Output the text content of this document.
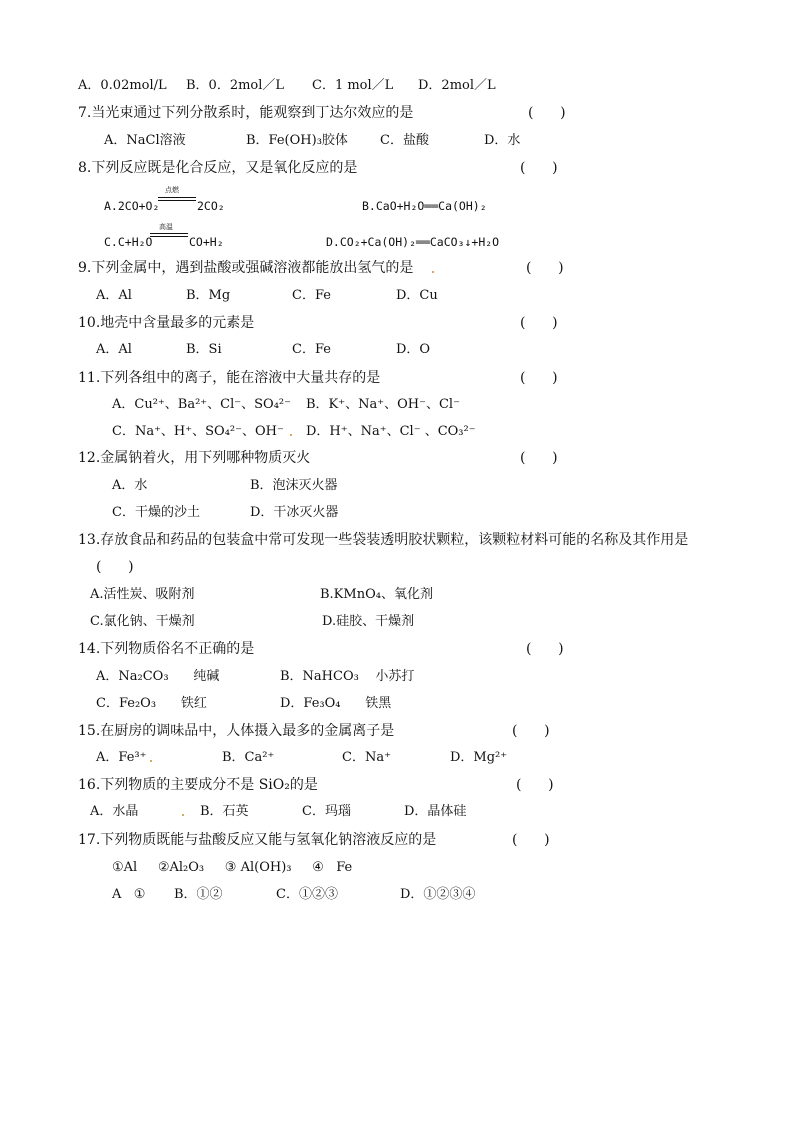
A．0.02mol/L B．0．2mol／L C．1 mol／L D．2mol／L
7.当光束通过下列分散系时，能观察到丁达尔效应的是	(      )
A．NaCl溶液	B．Fe(OH)₃胶体 C．盐酸	D．水
8.下列反应既是化合反应，又是氧化反应的是	(      )
A.2CO+O₂
点燃
2CO₂	B.CaO+H₂O══Ca(OH)₂
C.C+H₂O
高温
CO+H₂	D.CO₂+Ca(OH)₂══CaCO₃↓+H₂O
9.下列金属中，遇到盐酸或强碱溶液都能放出氢气的是	(      )
A．Al	B．Mg	C．Fe	D．Cu
10.地壳中含量最多的元素是	(      )
A．Al	B．Si	C．Fe	D．O
11.下列各组中的离子，能在溶液中大量共存的是	(      )
A．Cu²⁺、Ba²⁺、Cl⁻、SO₄²⁻ B．K⁺、Na⁺、OH⁻、Cl⁻
C．Na⁺、H⁺、SO₄²⁻、OH⁻ D．H⁺、Na⁺、Cl⁻ 、CO₃²⁻
12.金属钠着火，用下列哪种物质灭火	(      )
A．水	B．泡沫灭火器
C．干燥的沙土	D．干冰灭火器
13.存放食品和药品的包装盒中常可发现一些袋装透明胶状颗粒，该颗粒材料可能的名称及其作用是
(      )
A.活性炭、吸附剂	B.KMnO₄、氧化剂
C.氯化钠、干燥剂	D.硅胶、干燥剂
14.下列物质俗名不正确的是	(      )
A．Na₂CO₃      纯碱	B．NaHCO₃    小苏打
C．Fe₂O₃      铁红	D．Fe₃O₄      铁黑
15.在厨房的调味品中，人体摄入最多的金属离子是	(      )
A．Fe³⁺	B．Ca²⁺	C．Na⁺	D．Mg²⁺
16.下列物质的主要成分不是 SiO₂的是	(      )
A．水晶	B．石英	C．玛瑙	D．晶体硅
17.下列物质既能与盐酸反应又能与氢氧化钠溶液反应的是	(      )
①Al     ②Al₂O₃     ③ Al(OH)₃     ④   Fe
A   ① B．①②	C．①②③	D．①②③④
